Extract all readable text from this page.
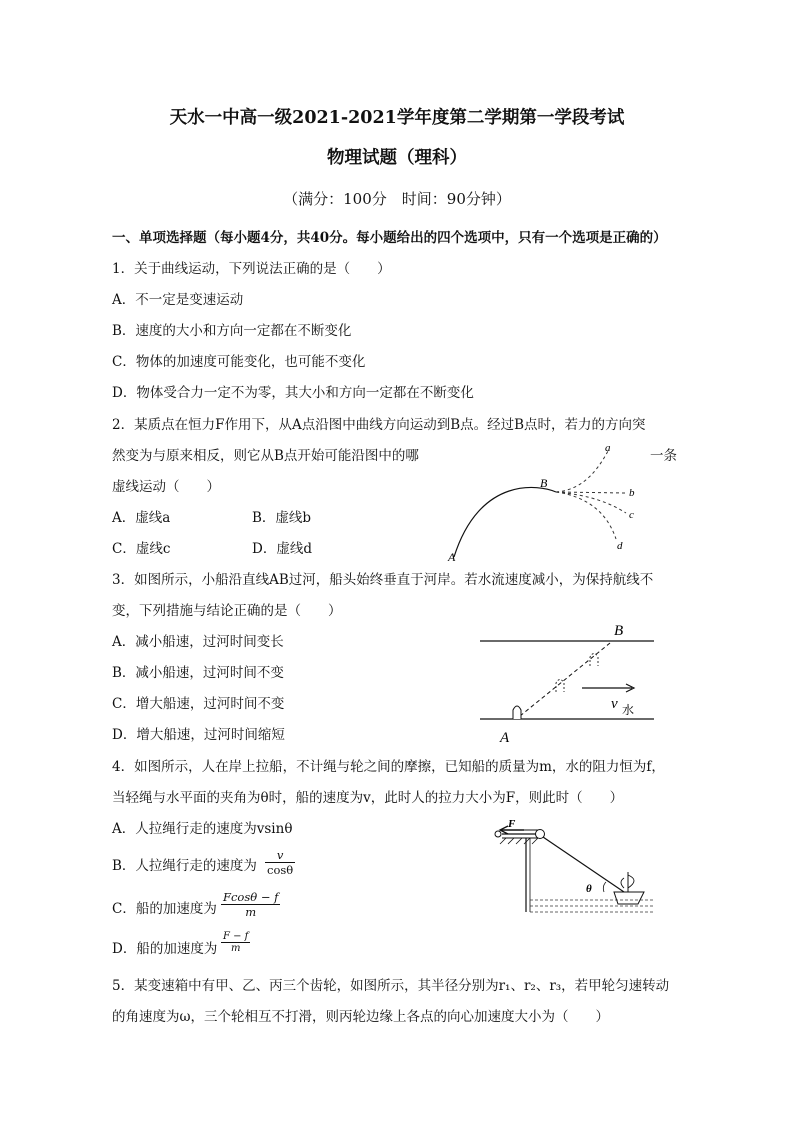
天水一中高一级2021-2021学年度第二学期第一学段考试
物理试题（理科）
（满分：100分　时间：90分钟）
一、单项选择题（每小题4分，共40分。每小题给出的四个选项中，只有一个选项是正确的）
1．关于曲线运动，下列说法正确的是（　　）
A．不一定是变速运动
B．速度的大小和方向一定都在不断变化
C．物体的加速度可能变化，也可能不变化
D．物体受合力一定不为零，其大小和方向一定都在不断变化
2．某质点在恒力F作用下，从A点沿图中曲线方向运动到B点。经过B点时，若力的方向突
然变为与原来相反，则它从B点开始可能沿图中的哪	一条
虚线运动（　　）
A．虚线a	B．虚线b
C．虚线c	D．虚线d	A
B
a
b
c
d
3．如图所示，小船沿直线AB过河，船头始终垂直于河岸。若水流速度减小，为保持航线不
变，下列措施与结论正确的是（　　）
A．减小船速，过河时间变长
B．减小船速，过河时间不变
C．增大船速，过河时间不变
D．增大船速，过河时间缩短	A
B
v 水
4．如图所示，人在岸上拉船，不计绳与轮之间的摩擦，已知船的质量为m，水的阻力恒为f，
当轻绳与水平面的夹角为θ时，船的速度为v，此时人的拉力大小为F，则此时（　　）
A．人拉绳行走的速度为vsinθ
B．人拉绳行走的速度为 $\frac{v}{\cos\theta}$
C．船的加速度为 $\frac{Fcos\theta - f}{m}$
D．船的加速度为 $\frac{F - f}{m}$
F
θ
5．某变速箱中有甲、乙、丙三个齿轮，如图所示，其半径分别为r₁、r₂、r₃，若甲轮匀速转动
的角速度为ω，三个轮相互不打滑，则丙轮边缘上各点的向心加速度大小为（　　）
